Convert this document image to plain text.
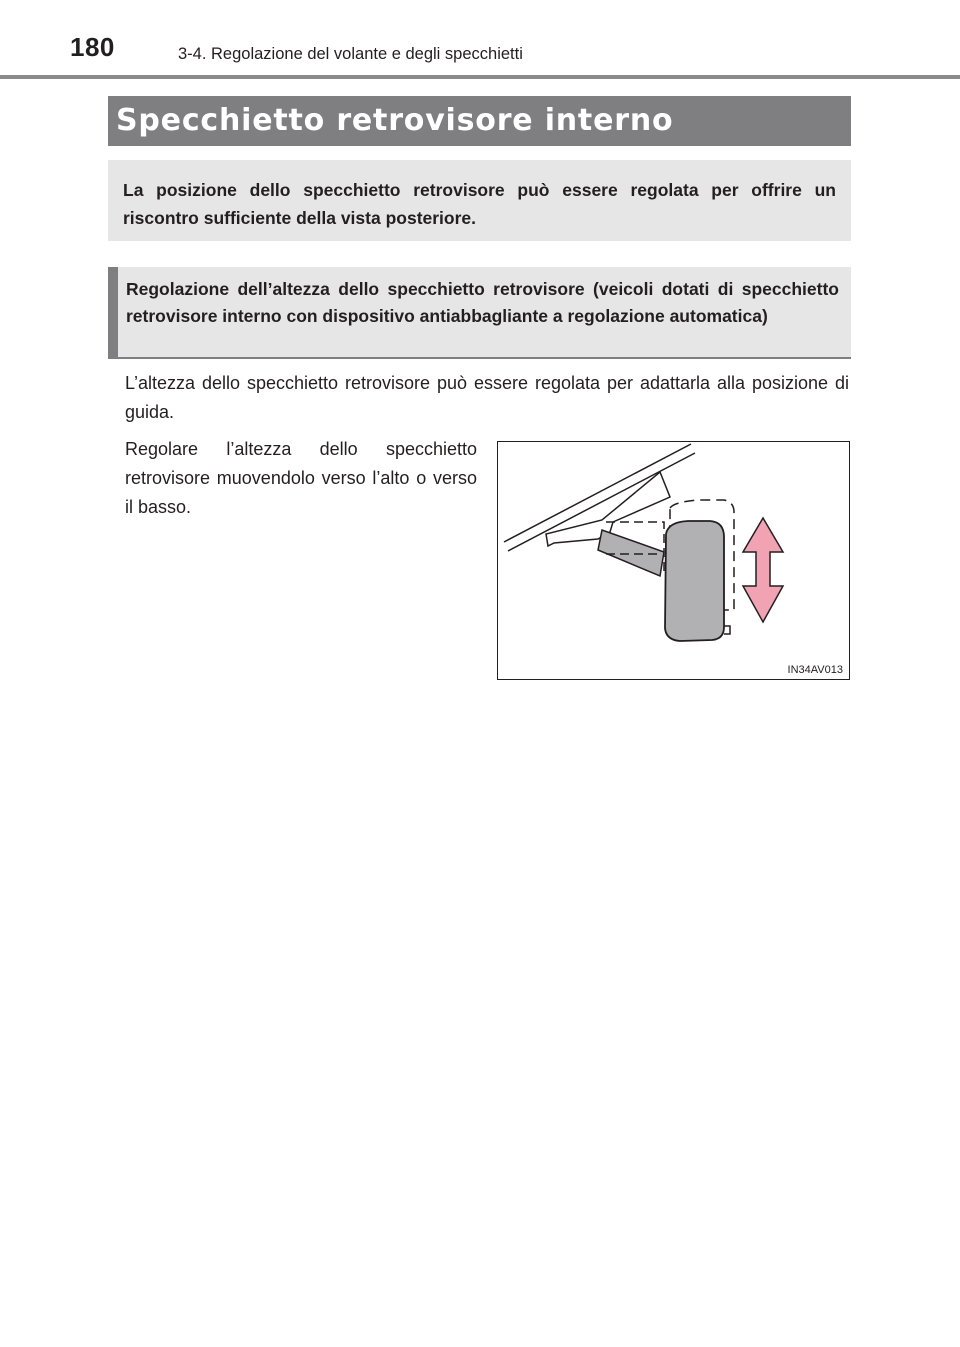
180	3-4. Regolazione del volante e degli specchietti
Specchietto retrovisore interno

La posizione dello specchietto retrovisore può essere regolata per offrire un riscontro sufficiente della vista posteriore.

Regolazione dell’altezza dello specchietto retrovisore (veicoli dotati di specchietto retrovisore interno con dispositivo antiabbagliante a regolazione automatica)

L’altezza dello specchietto retrovisore può essere regolata per adattarla alla posizione di guida.

Regolare l’altezza dello specchietto retrovisore muovendolo verso l’alto o verso il basso.

IN34AV013
